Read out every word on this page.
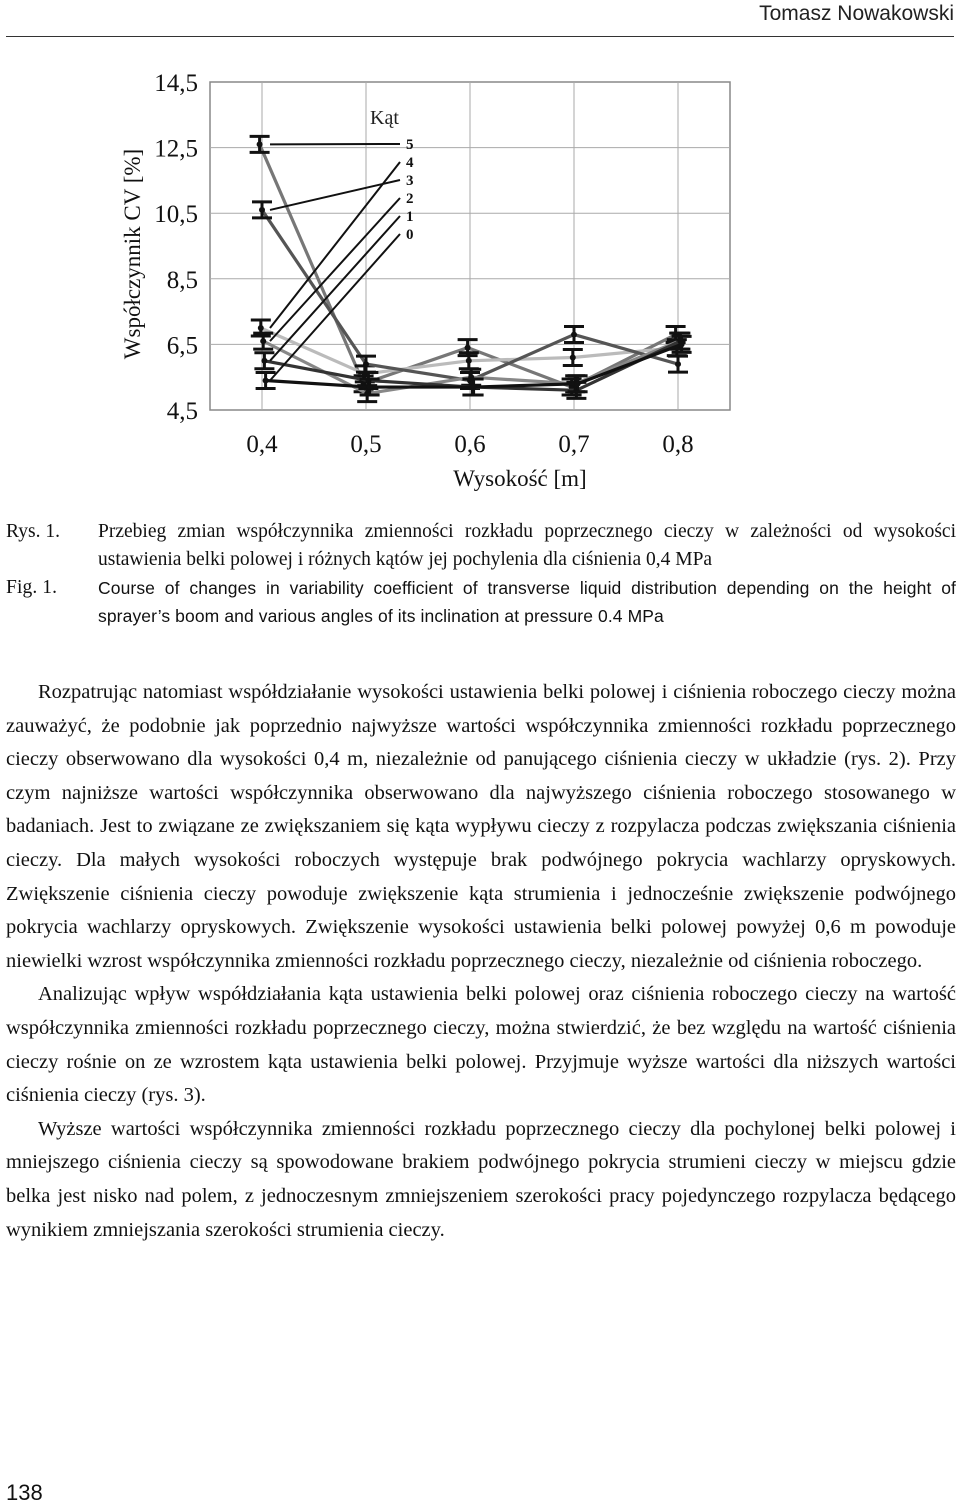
Tomasz Nowakowski
4,5
6,5
8,5
10,5
12,5
14,5
0,4	0,5	0,6	0,7	0,8
Wysokość [m]
Współczynnik CV [%]
Kąt
5
4
3
2
1
0
Rys. 1.	Przebieg zmian współczynnika zmienności rozkładu poprzecznego cieczy w zależności od wysokości ustawienia belki polowej i różnych kątów jej pochylenia dla ciśnienia 0,4 MPa
Fig. 1.	Course of changes in variability coefficient of transverse liquid distribution depending on the height of sprayer’s boom and various angles of its inclination at pressure 0.4 MPa

Rozpatrując natomiast współdziałanie wysokości ustawienia belki polowej i ciśnienia roboczego cieczy można zauważyć, że podobnie jak poprzednio najwyższe wartości współczynnika zmienności rozkładu poprzecznego cieczy obserwowano dla wysokości 0,4 m, niezależnie od panującego ciśnienia cieczy w układzie (rys. 2). Przy czym najniższe wartości współczynnika obserwowano dla najwyższego ciśnienia roboczego stosowanego w badaniach. Jest to związane ze zwiększaniem się kąta wypływu cieczy z rozpylacza podczas zwiększania ciśnienia cieczy. Dla małych wysokości roboczych występuje brak podwójnego pokrycia wachlarzy opryskowych. Zwiększenie ciśnienia cieczy powoduje zwiększenie kąta strumienia i jednocześnie zwiększenie podwójnego pokrycia wachlarzy opryskowych. Zwiększenie wysokości ustawienia belki polowej powyżej 0,6 m powoduje niewielki wzrost współczynnika zmienności rozkładu poprzecznego cieczy, niezależnie od ciśnienia roboczego.

Analizując wpływ współdziałania kąta ustawienia belki polowej oraz ciśnienia roboczego cieczy na wartość współczynnika zmienności rozkładu poprzecznego cieczy, można stwierdzić, że bez względu na wartość ciśnienia cieczy rośnie on ze wzrostem kąta ustawienia belki polowej. Przyjmuje wyższe wartości dla niższych wartości ciśnienia cieczy (rys. 3).

Wyższe wartości współczynnika zmienności rozkładu poprzecznego cieczy dla pochylonej belki polowej i mniejszego ciśnienia cieczy są spowodowane brakiem podwójnego pokrycia strumieni cieczy w miejscu gdzie belka jest nisko nad polem, z jednoczesnym zmniejszeniem szerokości pracy pojedynczego rozpylacza będącego wynikiem zmniejszania szerokości strumienia cieczy.

138
